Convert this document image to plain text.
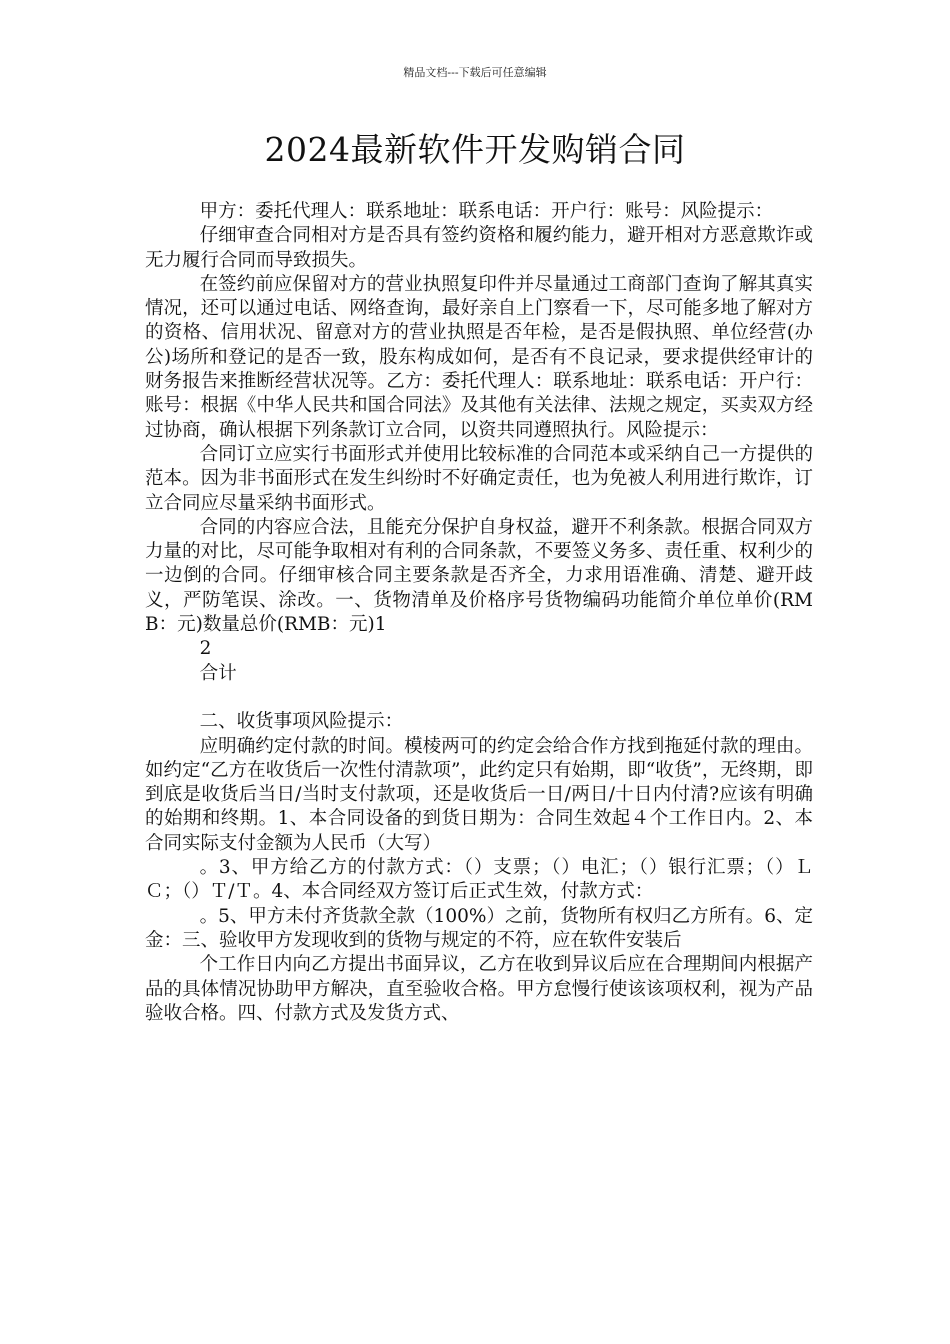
精品文档---下载后可任意编辑
2024最新软件开发购销合同

甲方：委托代理人：联系地址：联系电话：开户行：账号：风险提示：

仔细审查合同相对方是否具有签约资格和履约能力，避开相对方恶意欺诈或无力履行合同而导致损失。

在签约前应保留对方的营业执照复印件并尽量通过工商部门查询了解其真实情况，还可以通过电话、网络查询，最好亲自上门察看一下，尽可能多地了解对方的资格、信用状况、留意对方的营业执照是否年检，是否是假执照、单位经营(办公)场所和登记的是否一致，股东构成如何，是否有不良记录，要求提供经审计的财务报告来推断经营状况等。乙方：委托代理人：联系地址：联系电话：开户行：账号：根据《中华人民共和国合同法》及其他有关法律、法规之规定，买卖双方经过协商，确认根据下列条款订立合同，以资共同遵照执行。风险提示：

合同订立应实行书面形式并使用比较标准的合同范本或采纳自己一方提供的范本。因为非书面形式在发生纠纷时不好确定责任，也为免被人利用进行欺诈，订立合同应尽量采纳书面形式。

合同的内容应合法，且能充分保护自身权益，避开不利条款。根据合同双方力量的对比，尽可能争取相对有利的合同条款，不要签义务多、责任重、权利少的一边倒的合同。仔细审核合同主要条款是否齐全，力求用语准确、清楚、避开歧义，严防笔误、涂改。一、货物清单及价格序号货物编码功能简介单位单价(RMB：元)数量总价(RMB：元)1

2

合计

二、收货事项风险提示：

应明确约定付款的时间。模棱两可的约定会给合作方找到拖延付款的理由。如约定“乙方在收货后一次性付清款项”，此约定只有始期，即“收货”，无终期，即到底是收货后当日/当时支付款项，还是收货后一日/两日/十日内付清?应该有明确的始期和终期。1、本合同设备的到货日期为：合同生效起４个工作日内。2、本合同实际支付金额为人民币（大写）

。3、甲方给乙方的付款方式：（）支票；（）电汇；（）银行汇票；（）ＬＣ；（）Ｔ/Ｔ。4、本合同经双方签订后正式生效，付款方式：

。5、甲方未付齐货款全款（100%）之前，货物所有权归乙方所有。6、定金：三、验收甲方发现收到的货物与规定的不符，应在软件安装后

个工作日内向乙方提出书面异议，乙方在收到异议后应在合理期间内根据产品的具体情况协助甲方解决，直至验收合格。甲方怠慢行使该该项权利，视为产品验收合格。四、付款方式及发货方式、
